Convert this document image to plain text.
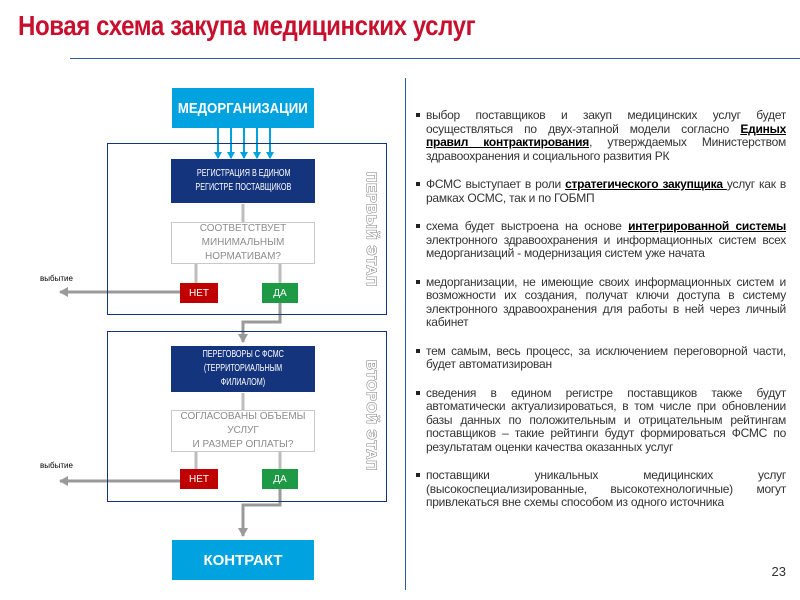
Новая схема закупа медицинских услуг
МЕДОРГАНИЗАЦИИ
ПЕРВЫЙ ЭТАП
РЕГИСТРАЦИЯ В ЕДИНОМ
РЕГИСТРЕ ПОСТАВЩИКОВ
СООТВЕТСТВУЕТ МИНИМАЛЬНЫМ
НОРМАТИВАМ?
НЕТ	ДА
выбытие
ВТОРОЙ ЭТАП
ПЕРЕГОВОРЫ С ФСМС
(ТЕРРИТОРИАЛЬНЫМ ФИЛИАЛОМ)
СОГЛАСОВАНЫ ОБЪЕМЫ УСЛУГ
И РАЗМЕР ОПЛАТЫ?
НЕТ	ДА
выбытие
КОНТРАКТ
выбор поставщиков и закуп медицинских услуг будет осуществляться по двух-этапной модели согласно Единых правил контрактирования, утверждаемых Министерством здравоохранения и социального развития РК
ФСМС выступает в роли стратегического закупщика услуг как в рамках ОСМС, так и по ГОБМП
схема будет выстроена на основе интегрированной системы электронного здравоохранения и информационных систем всех медорганизаций - модернизация систем уже начата
медорганизации, не имеющие своих информационных систем и возможности их создания, получат ключи доступа в систему электронного здравоохранения для работы в ней через личный кабинет
тем самым, весь процесс, за исключением переговорной части, будет автоматизирован
сведения в едином регистре поставщиков также будут автоматически актуализироваться, в том числе при обновлении базы данных по положительным и отрицательным рейтингам поставщиков – такие рейтинги будут формироваться ФСМС по результатам оценки качества оказанных услуг
поставщики уникальных медицинских услуг (высокоспециализированные, высокотехнологичные) могут привлекаться вне схемы способом из одного источника
23
